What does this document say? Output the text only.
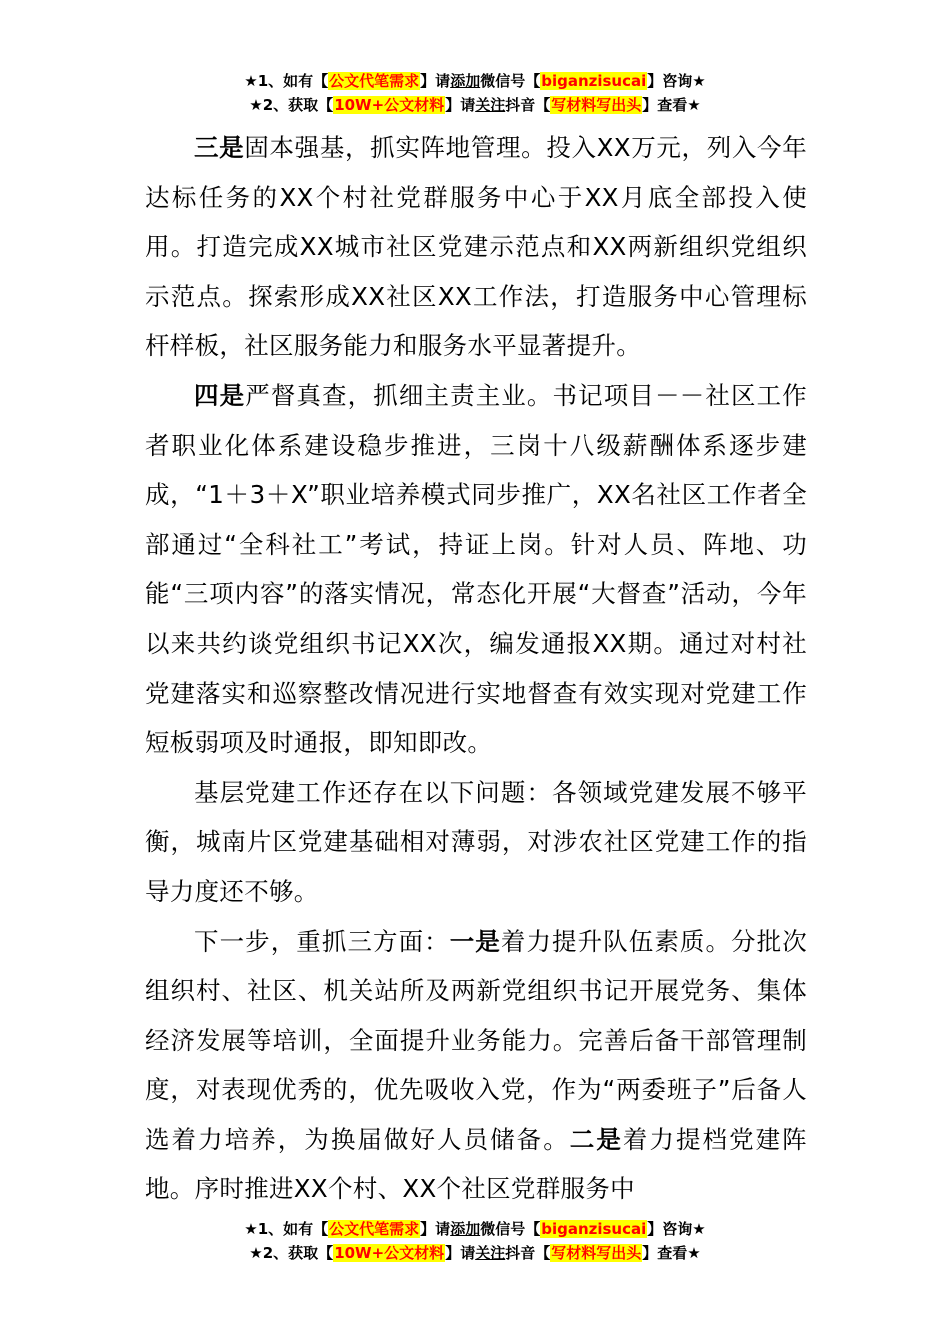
★1、如有【公文代笔需求】请添加微信号【biganzisucai】咨询★
★2、获取【10W+公文材料】请关注抖音【写材料写出头】查看★

三是固本强基，抓实阵地管理。投入XX万元，列入今年达标任务的XX个村社党群服务中心于XX月底全部投入使用。打造完成XX城市社区党建示范点和XX两新组织党组织示范点。探索形成XX社区XX工作法，打造服务中心管理标杆样板，社区服务能力和服务水平显著提升。

四是严督真查，抓细主责主业。书记项目－－社区工作者职业化体系建设稳步推进，三岗十八级薪酬体系逐步建成，“1＋3＋X”职业培养模式同步推广，XX名社区工作者全部通过“全科社工”考试，持证上岗。针对人员、阵地、功能“三项内容”的落实情况，常态化开展“大督查”活动，今年以来共约谈党组织书记XX次，编发通报XX期。通过对村社党建落实和巡察整改情况进行实地督查有效实现对党建工作短板弱项及时通报，即知即改。

基层党建工作还存在以下问题：各领域党建发展不够平衡，城南片区党建基础相对薄弱，对涉农社区党建工作的指导力度还不够。

下一步，重抓三方面：一是着力提升队伍素质。分批次组织村、社区、机关站所及两新党组织书记开展党务、集体经济发展等培训，全面提升业务能力。完善后备干部管理制度，对表现优秀的，优先吸收入党，作为“两委班子”后备人选着力培养，为换届做好人员储备。二是着力提档党建阵地。序时推进XX个村、XX个社区党群服务中

★1、如有【公文代笔需求】请添加微信号【biganzisucai】咨询★
★2、获取【10W+公文材料】请关注抖音【写材料写出头】查看★
